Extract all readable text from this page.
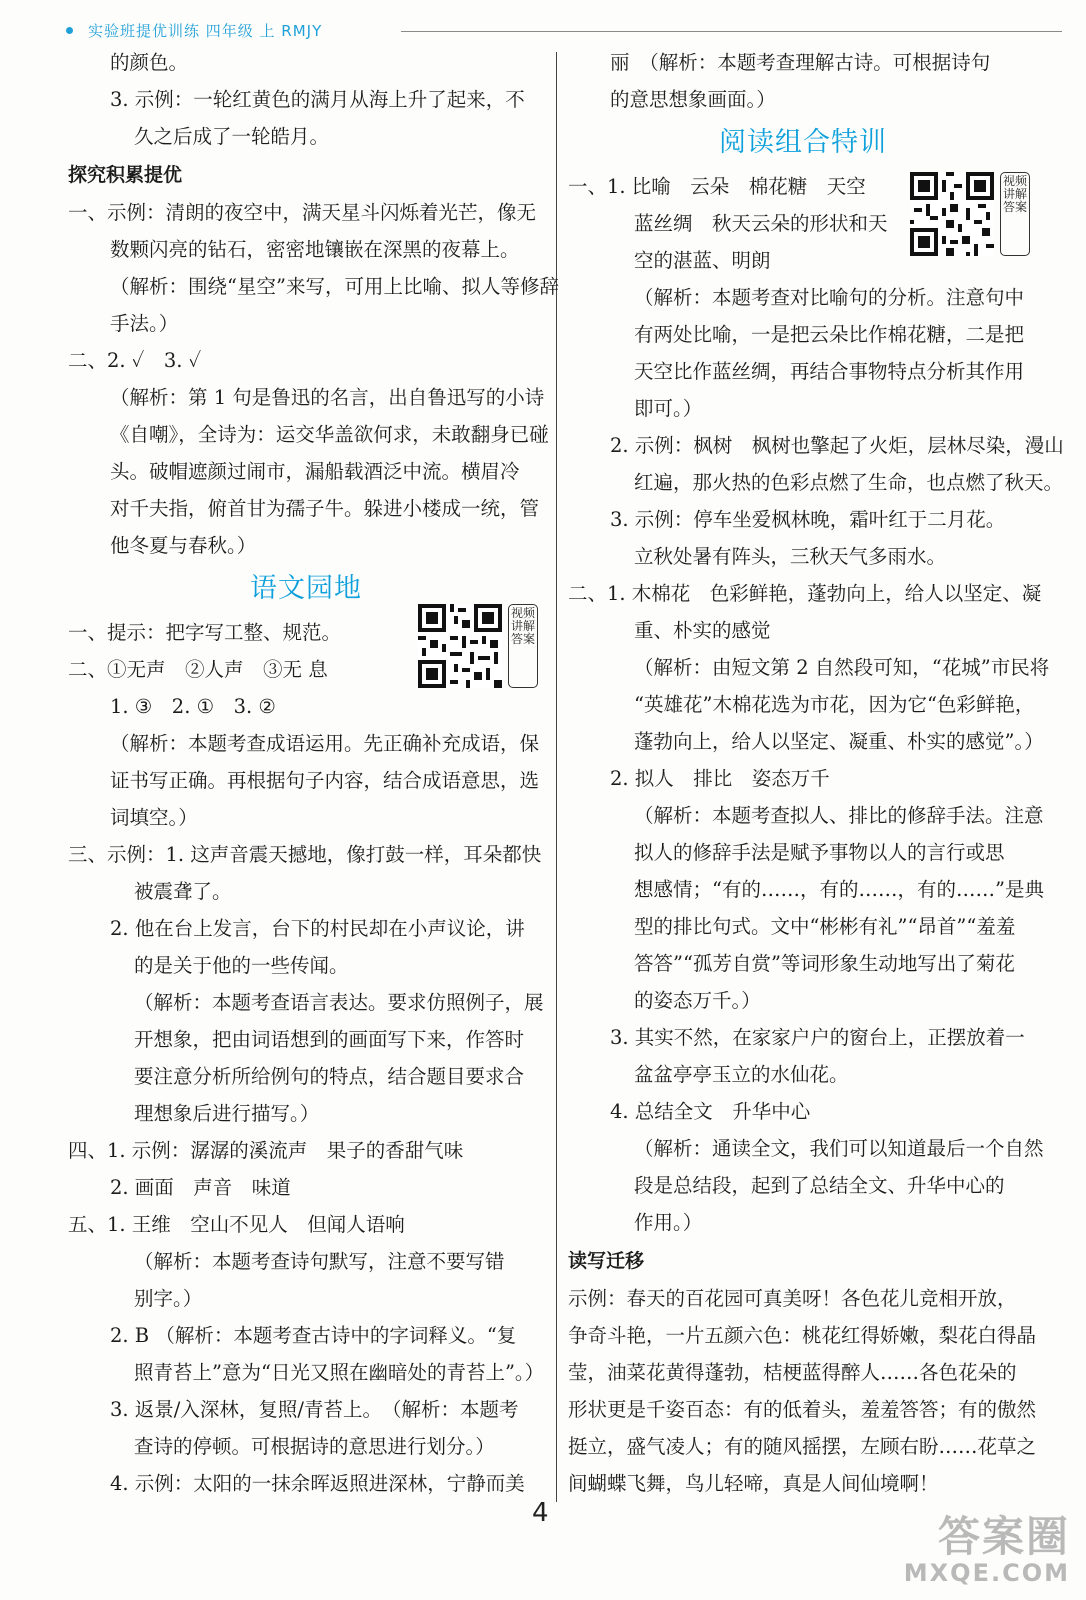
实验班提优训练 四年级 上 RMJY
的颜色。
3. 示例：一轮红黄色的满月从海上升了起来，不
久之后成了一轮皓月。
探究积累提优
一、示例：清朗的夜空中，满天星斗闪烁着光芒，像无
数颗闪亮的钻石，密密地镶嵌在深黑的夜幕上。
（解析：围绕“星空”来写，可用上比喻、拟人等修辞
手法。）
二、2. ✓　3. ✓
（解析：第 1 句是鲁迅的名言，出自鲁迅写的小诗
《自嘲》，全诗为：运交华盖欲何求，未敢翻身已碰
头。破帽遮颜过闹市，漏船载酒泛中流。横眉冷
对千夫指，俯首甘为孺子牛。躲进小楼成一统，管
他冬夏与春秋。）
语文园地
一、提示：把字写工整、规范。
二、①无声　②人声　③无 息
1. ③　2. ①　3. ②
（解析：本题考查成语运用。先正确补充成语，保
证书写正确。再根据句子内容，结合成语意思，选
词填空。）
三、示例：1. 这声音震天撼地，像打鼓一样，耳朵都快
被震聋了。
2. 他在台上发言，台下的村民却在小声议论，讲
的是关于他的一些传闻。
（解析：本题考查语言表达。要求仿照例子，展
开想象，把由词语想到的画面写下来，作答时
要注意分析所给例句的特点，结合题目要求合
理想象后进行描写。）
四、1. 示例：潺潺的溪流声　果子的香甜气味
2. 画面　声音　味道
五、1. 王维　空山不见人　但闻人语响
（解析：本题考查诗句默写，注意不要写错
别字。）
2. B （解析：本题考查古诗中的字词释义。“复
照青苔上”意为“日光又照在幽暗处的青苔上”。）
3. 返景/入深林，复照/青苔上。　（解析：本题考
查诗的停顿。可根据诗的意思进行划分。）
4. 示例：太阳的一抹余晖返照进深林，宁静而美
视频讲解答案
丽　（解析：本题考查理解古诗。可根据诗句
的意思想象画面。）
阅读组合特训
一、1. 比喻　云朵　棉花糖　天空
蓝丝绸　秋天云朵的形状和天
空的湛蓝、明朗
（解析：本题考查对比喻句的分析。注意句中
有两处比喻，一是把云朵比作棉花糖，二是把
天空比作蓝丝绸，再结合事物特点分析其作用
即可。）
2. 示例：枫树　枫树也擎起了火炬，层林尽染，漫山
红遍，那火热的色彩点燃了生命，也点燃了秋天。
3. 示例：停车坐爱枫林晚，霜叶红于二月花。
立秋处暑有阵头，三秋天气多雨水。
二、1. 木棉花　色彩鲜艳，蓬勃向上，给人以坚定、凝
重、朴实的感觉
（解析：由短文第 2 自然段可知，“花城”市民将
“英雄花”木棉花选为市花，因为它“色彩鲜艳，
蓬勃向上，给人以坚定、凝重、朴实的感觉”。）
2. 拟人　排比　姿态万千
（解析：本题考查拟人、排比的修辞手法。注意
拟人的修辞手法是赋予事物以人的言行或思
想感情；“有的……，有的……，有的……”是典
型的排比句式。文中“彬彬有礼”“昂首”“羞羞
答答”“孤芳自赏”等词形象生动地写出了菊花
的姿态万千。）
3. 其实不然，在家家户户的窗台上，正摆放着一
盆盆亭亭玉立的水仙花。
4. 总结全文　升华中心
（解析：通读全文，我们可以知道最后一个自然
段是总结段，起到了总结全文、升华中心的
作用。）
读写迁移
示例：春天的百花园可真美呀！各色花儿竞相开放，
争奇斗艳，一片五颜六色：桃花红得娇嫩，梨花白得晶
莹，油菜花黄得蓬勃，桔梗蓝得醉人……各色花朵的
形状更是千姿百态：有的低着头，羞羞答答；有的傲然
挺立，盛气凌人；有的随风摇摆，左顾右盼……花草之
间蝴蝶飞舞，鸟儿轻啼，真是人间仙境啊！
视频讲解答案
4	答案圈
MXQE.COM
